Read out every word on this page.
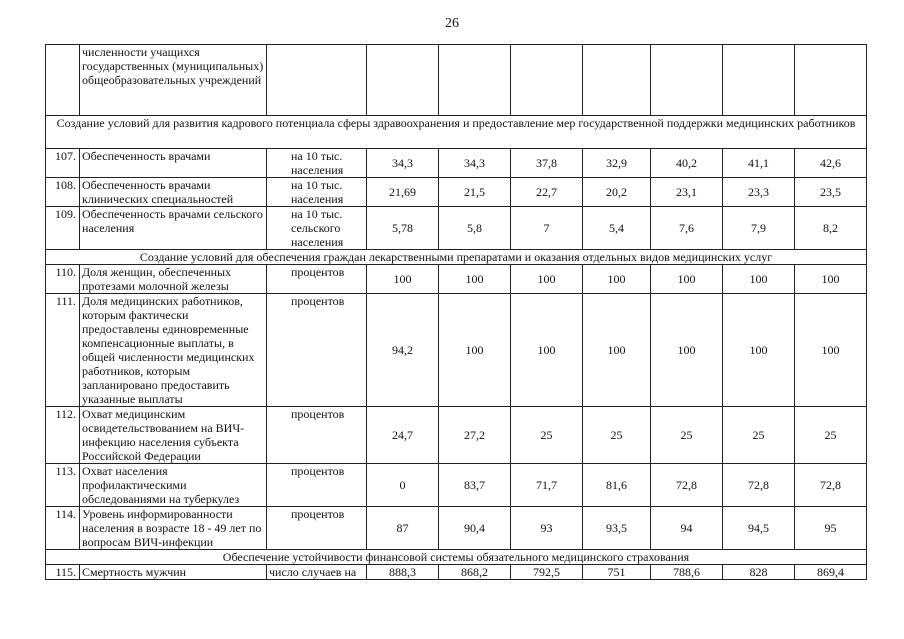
26
	численности учащихся государственных (муниципальных) общеобразовательных учреждений								
Создание условий для развития кадрового потенциала сферы здравоохранения и предоставление мер государственной поддержки медицинских работников									
107.	Обеспеченность врачами	на 10 тыс. населения	34,3	34,3	37,8	32,9	40,2	41,1	42,6
108.	Обеспеченность врачами клинических специальностей	на 10 тыс. населения	21,69	21,5	22,7	20,2	23,1	23,3	23,5
109.	Обеспеченность врачами сельского населения	на 10 тыс. сельского населения	5,78	5,8	7	5,4	7,6	7,9	8,2
Создание условий для обеспечения граждан лекарственными препаратами и оказания отдельных видов медицинских услуг									
110.	Доля женщин, обеспеченных протезами молочной железы	процентов	100	100	100	100	100	100	100
111.	Доля медицинских работников, которым фактически предоставлены единовременные компенсационные выплаты, в общей численности медицинских работников, которым запланировано предоставить указанные выплаты	процентов	94,2	100	100	100	100	100	100
112.	Охват медицинским освидетельствованием на ВИЧ-инфекцию населения субъекта Российской Федерации	процентов	24,7	27,2	25	25	25	25	25
113.	Охват населения профилактическими обследованиями на туберкулез	процентов	0	83,7	71,7	81,6	72,8	72,8	72,8
114.	Уровень информированности населения в возрасте 18 - 49 лет по вопросам ВИЧ-инфекции	процентов	87	90,4	93	93,5	94	94,5	95
Обеспечение устойчивости финансовой системы обязательного медицинского страхования									
115.	Смертность мужчин	число случаев на	888,3	868,2	792,5	751	788,6	828	869,4
